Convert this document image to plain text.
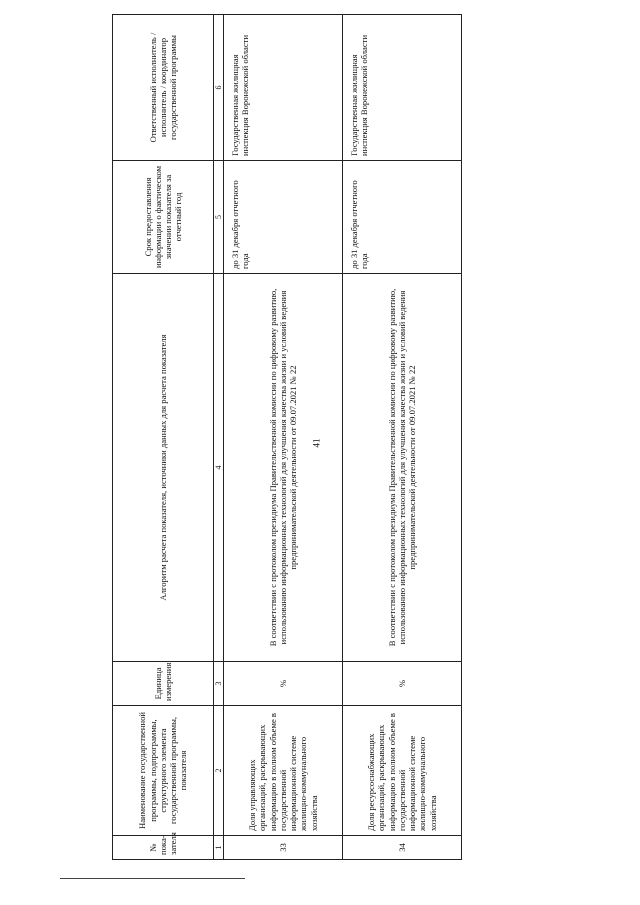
41
№ пока-зателя	Наименование государственной программы, подпрограммы, структурного элемента государственной программы, показателя	Единица измерения	Алгоритм расчета показателя, источники данных для расчета показателя	Срок предоставления информации о фактическом значении показателя за отчетный год	Ответственный исполнитель / исполнитель / координатор государственной программы
1	2	3	4	5	6
33	Доля управляющих организаций, раскрывающих информацию в полном объеме в государственной информационной системе жилищно-коммунального хозяйства	%	В соответствии с протоколом президиума Правительственной комиссии по цифровому развитию, использованию информационных технологий для улучшения качества жизни и условий ведения предпринимательской деятельности от 09.07.2021 № 22	до 31 декабря отчетного года	Государственная жилищная инспекция Воронежской области
34	Доля ресурсоснабжающих организаций, раскрывающих информацию в полном объеме в государственной информационной системе жилищно-коммунального хозяйства	%	В соответствии с протоколом президиума Правительственной комиссии по цифровому развитию, использованию информационных технологий для улучшения качества жизни и условий ведения предпринимательской деятельности от 09.07.2021 № 22	до 31 декабря отчетного года	Государственная жилищная инспекция Воронежской области
